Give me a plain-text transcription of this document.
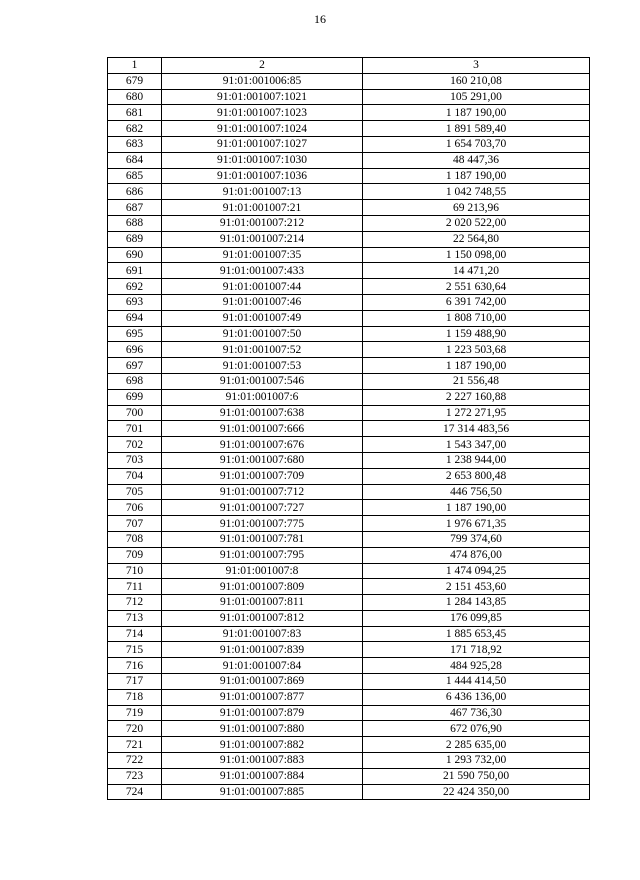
16
1	2	3
679	91:01:001006:85	160 210,08
680	91:01:001007:1021	105 291,00
681	91:01:001007:1023	1 187 190,00
682	91:01:001007:1024	1 891 589,40
683	91:01:001007:1027	1 654 703,70
684	91:01:001007:1030	48 447,36
685	91:01:001007:1036	1 187 190,00
686	91:01:001007:13	1 042 748,55
687	91:01:001007:21	69 213,96
688	91:01:001007:212	2 020 522,00
689	91:01:001007:214	22 564,80
690	91:01:001007:35	1 150 098,00
691	91:01:001007:433	14 471,20
692	91:01:001007:44	2 551 630,64
693	91:01:001007:46	6 391 742,00
694	91:01:001007:49	1 808 710,00
695	91:01:001007:50	1 159 488,90
696	91:01:001007:52	1 223 503,68
697	91:01:001007:53	1 187 190,00
698	91:01:001007:546	21 556,48
699	91:01:001007:6	2 227 160,88
700	91:01:001007:638	1 272 271,95
701	91:01:001007:666	17 314 483,56
702	91:01:001007:676	1 543 347,00
703	91:01:001007:680	1 238 944,00
704	91:01:001007:709	2 653 800,48
705	91:01:001007:712	446 756,50
706	91:01:001007:727	1 187 190,00
707	91:01:001007:775	1 976 671,35
708	91:01:001007:781	799 374,60
709	91:01:001007:795	474 876,00
710	91:01:001007:8	1 474 094,25
711	91:01:001007:809	2 151 453,60
712	91:01:001007:811	1 284 143,85
713	91:01:001007:812	176 099,85
714	91:01:001007:83	1 885 653,45
715	91:01:001007:839	171 718,92
716	91:01:001007:84	484 925,28
717	91:01:001007:869	1 444 414,50
718	91:01:001007:877	6 436 136,00
719	91:01:001007:879	467 736,30
720	91:01:001007:880	672 076,90
721	91:01:001007:882	2 285 635,00
722	91:01:001007:883	1 293 732,00
723	91:01:001007:884	21 590 750,00
724	91:01:001007:885	22 424 350,00
